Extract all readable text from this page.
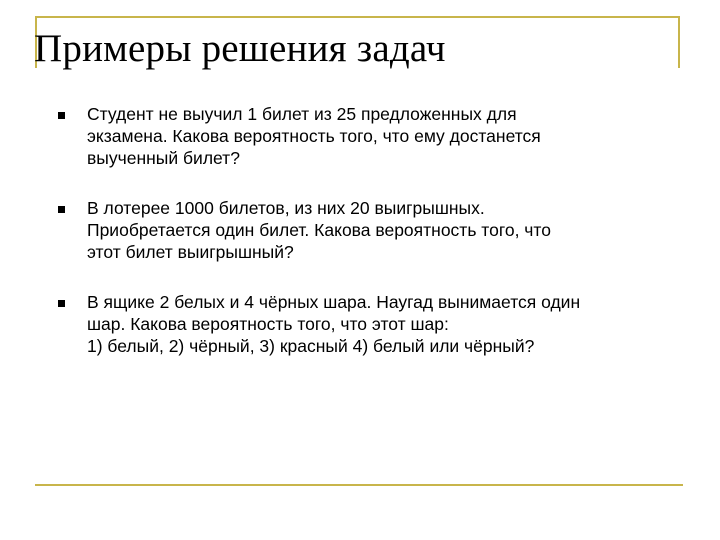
Примеры решения задач
Студент не выучил 1 билет из 25 предложенных для
экзамена. Какова вероятность того, что ему достанется
выученный билет?
В лотерее 1000 билетов, из них 20 выигрышных.
Приобретается один билет. Какова вероятность того, что
этот билет выигрышный?
В ящике 2 белых и 4 чёрных шара. Наугад вынимается один
шар. Какова вероятность того, что этот шар:
1) белый, 2) чёрный, 3) красный 4) белый или чёрный?
